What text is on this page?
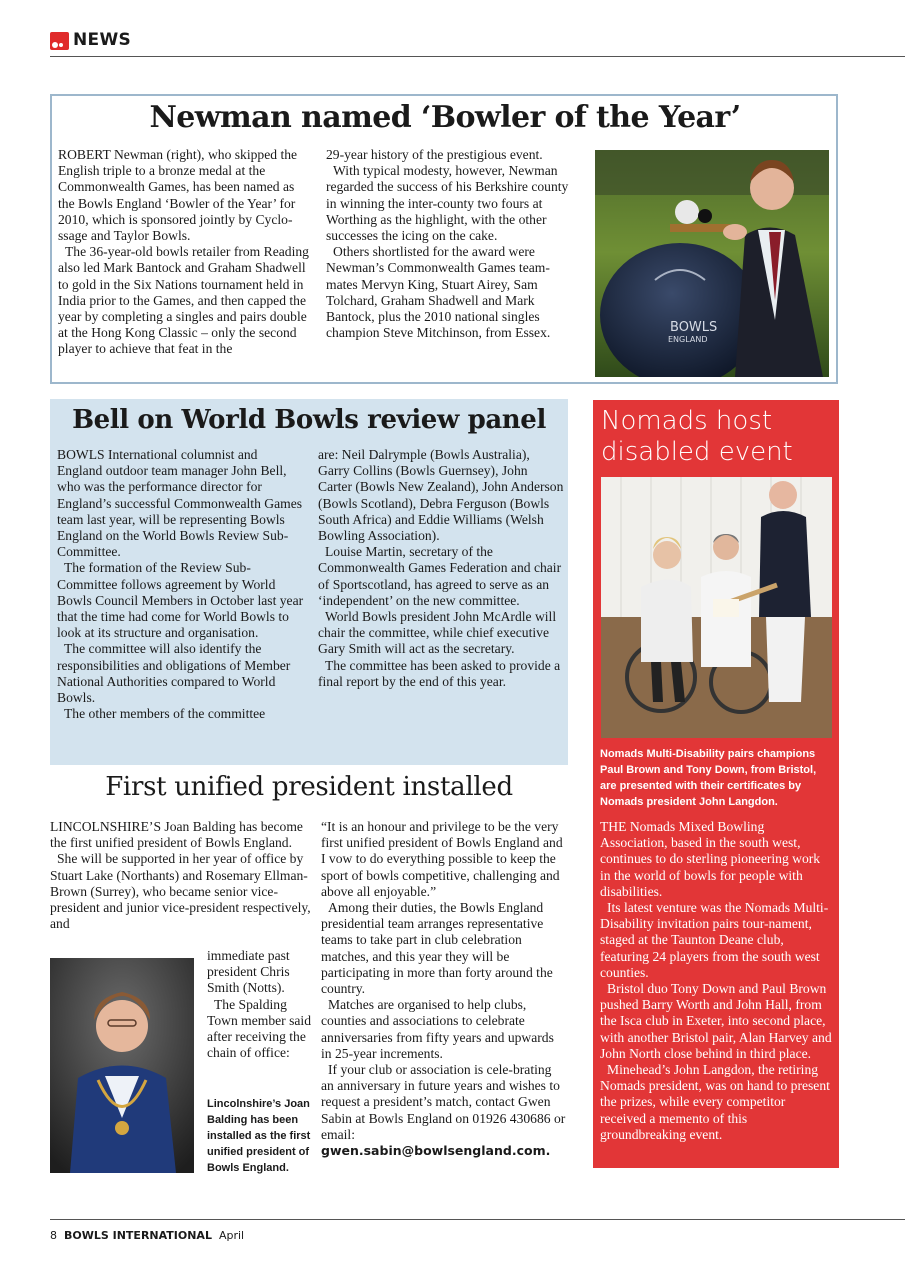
NEWS
Newman named ‘Bowler of the Year’

ROBERT Newman (right), who skipped the English triple to a bronze medal at the Commonwealth Games, has been named as the Bowls England ‘Bowler of the Year’ for 2010, which is sponsored jointly by Cyclo-ssage and Taylor Bowls.

The 36-year-old bowls retailer from Reading also led Mark Bantock and Graham Shadwell to gold in the Six Nations tournament held in India prior to the Games, and then capped the year by completing a singles and pairs double at the Hong Kong Classic – only the second player to achieve that feat in the

29-year history of the prestigious event.

With typical modesty, however, Newman regarded the success of his Berkshire county in winning the inter-county two fours at Worthing as the highlight, with the other successes the icing on the cake.

Others shortlisted for the award were Newman’s Commonwealth Games team-mates Mervyn King, Stuart Airey, Sam Tolchard, Graham Shadwell and Mark Bantock, plus the 2010 national singles champion Steve Mitchinson, from Essex.	BOWLS
ENGLAND
Bell on World Bowls review panel

BOWLS International columnist and England outdoor team manager John Bell, who was the performance director for England’s successful Commonwealth Games team last year, will be representing Bowls England on the World Bowls Review Sub-Committee.

The formation of the Review Sub-Committee follows agreement by World Bowls Council Members in October last year that the time had come for World Bowls to look at its structure and organisation.

The committee will also identify the responsibilities and obligations of Member National Authorities compared to World Bowls.

The other members of the committee

are: Neil Dalrymple (Bowls Australia), Garry Collins (Bowls Guernsey), John Carter (Bowls New Zealand), John Anderson (Bowls Scotland), Debra Ferguson (Bowls South Africa) and Eddie Williams (Welsh Bowling Association).

Louise Martin, secretary of the Commonwealth Games Federation and chair of Sportscotland, has agreed to serve as an ‘independent’ on the new committee.

World Bowls president John McArdle will chair the committee, while chief executive Gary Smith will act as the secretary.

The committee has been asked to provide a final report by the end of this year.

First unified president installed

LINCOLNSHIRE’S Joan Balding has become the first unified president of Bowls England.

She will be supported in her year of office by Stuart Lake (Northants) and Rosemary Ellman-Brown (Surrey), who became senior vice-president and junior vice-president respectively, and

immediate past president Chris Smith (Notts).

The Spalding Town member said after receiving the chain of office:

Lincolnshire’s Joan Balding has been installed as the first unified president of Bowls England.

“It is an honour and privilege to be the very first unified president of Bowls England and I vow to do everything possible to keep the sport of bowls competitive, challenging and above all enjoyable.”

Among their duties, the Bowls England presidential team arranges representative teams to take part in club celebration matches, and this year they will be participating in more than forty around the country.

Matches are organised to help clubs, counties and associations to celebrate anniversaries from fifty years and upwards in 25-year increments.

If your club or association is cele-brating an anniversary in future years and wishes to request a president’s match, contact Gwen Sabin at Bowls England on 01926 430686 or email:

gwen.sabin@bowlsengland.com.

Nomads host
disabled event
Nomads Multi-Disability pairs champions Paul Brown and Tony Down, from Bristol, are presented with their certificates by Nomads president John Langdon.

THE Nomads Mixed Bowling Association, based in the south west, continues to do sterling pioneering work in the world of bowls for people with disabilities.

Its latest venture was the Nomads Multi-Disability invitation pairs tour-nament, staged at the Taunton Deane club, featuring 24 players from the south west counties.

Bristol duo Tony Down and Paul Brown pushed Barry Worth and John Hall, from the Isca club in Exeter, into second place, with another Bristol pair, Alan Harvey and John North close behind in third place.

Minehead’s John Langdon, the retiring Nomads president, was on hand to present the prizes, while every competitor received a memento of this groundbreaking event.

8 BOWLS INTERNATIONAL April
